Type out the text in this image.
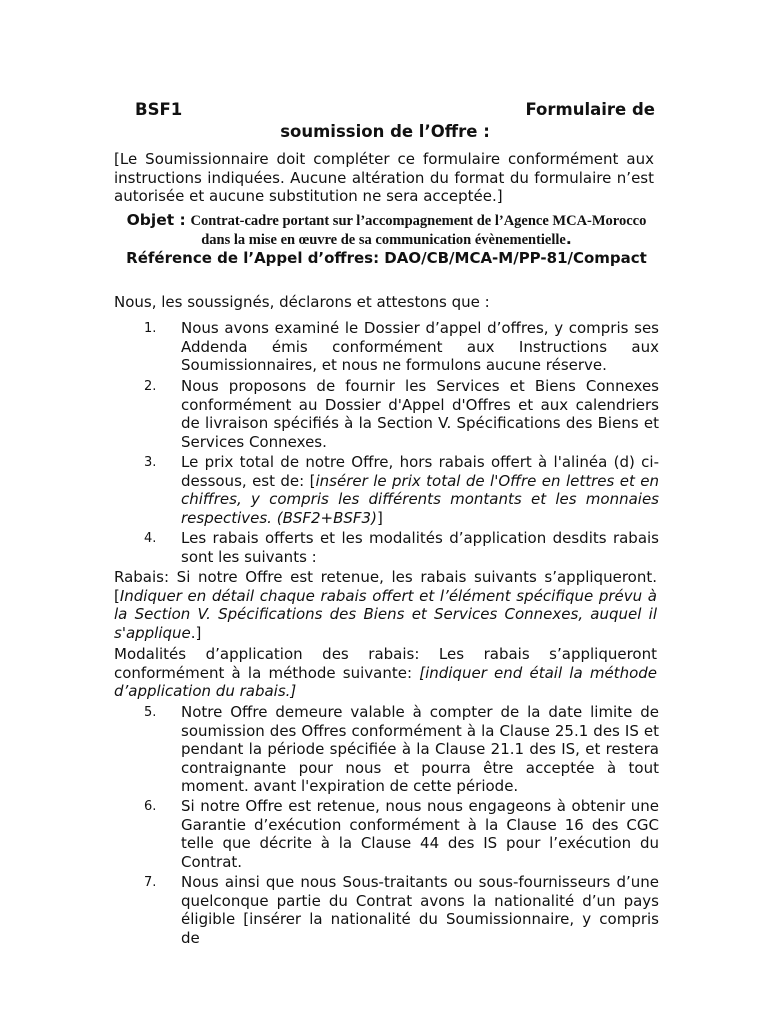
BSF1	Formulaire de
soumission de l’Offre :
[Le Soumissionnaire doit compléter ce formulaire conformément aux instructions indiquées. Aucune altération du format du formulaire n’est autorisée et aucune substitution ne sera acceptée.]
Objet : Contrat-cadre portant sur l’accompagnement de l’Agence MCA-Morocco dans la mise en œuvre de sa communication évènementielle.
Référence de l’Appel d’offres: DAO/CB/MCA-M/PP-81/Compact
Nous, les soussignés, déclarons et attestons que :
1. Nous avons examiné le Dossier d’appel d’offres, y compris ses Addenda émis conformément aux Instructions aux Soumissionnaires, et nous ne formulons aucune réserve.
2. Nous proposons de fournir les Services et Biens Connexes conformément au Dossier d'Appel d'Offres et aux calendriers de livraison spécifiés à la Section V. Spécifications des Biens et Services Connexes.
3. Le prix total de notre Offre, hors rabais offert à l'alinéa (d) ci-dessous, est de: [insérer le prix total de l'Offre en lettres et en chiffres, y compris les différents montants et les monnaies respectives. (BSF2+BSF3)]
4. Les rabais offerts et les modalités d’application desdits rabais sont les suivants :
Rabais: Si notre Offre est retenue, les rabais suivants s’appliqueront. [Indiquer en détail chaque rabais offert et l’élément spécifique prévu à la Section V. Spécifications des Biens et Services Connexes, auquel il s'applique.]
Modalités d’application des rabais: Les rabais s’appliqueront conformément à la méthode suivante: [indiquer end étail la méthode d’application du rabais.]
5. Notre Offre demeure valable à compter de la date limite de soumission des Offres conformément à la Clause 25.1 des IS et pendant la période spécifiée à la Clause 21.1 des IS, et restera contraignante pour nous et pourra être acceptée à tout moment. avant l'expiration de cette période.
6. Si notre Offre est retenue, nous nous engageons à obtenir une Garantie d’exécution conformément à la Clause 16 des CGC telle que décrite à la Clause 44 des IS pour l’exécution du Contrat.
7. Nous ainsi que nous Sous-traitants ou sous-fournisseurs d’une quelconque partie du Contrat avons la nationalité d’un pays éligible [insérer la nationalité du Soumissionnaire, y compris de
